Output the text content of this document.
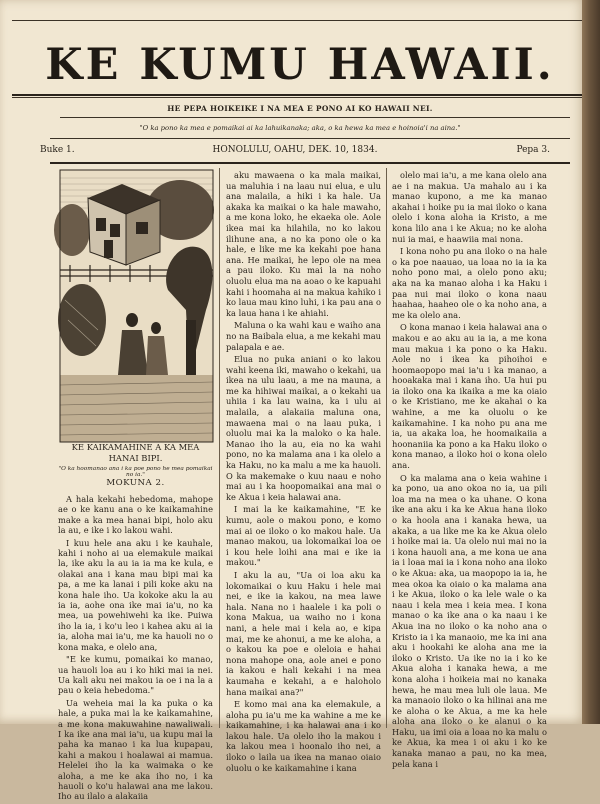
KE KUMU HAWAII.
HE PEPA HOIKEIKE I NA MEA E PONO AI KO HAWAII NEI.
"O ka pono ka mea e pomaikai ai ka lahuikanaka; aka, o ka hewa ka mea e hoinoia'i na aina."
Buke 1.	HONOLULU, OAHU, DEK. 10, 1834.	Pepa 3.
KE KAIKAMAHINE A KA MEA HANAI BIPI.
"O ka hoomanao ana i ka poe pono he mea pomaikai no ia."
MOKUNA 2.

A hala kekahi hebedoma, mahope ae o ke kanu ana o ke kaikamahine make a ka mea hanai bipi, holo aku la au, e ike i ko lakou wahi.

I kuu hele ana aku i ke kauhale, kahi i noho ai ua elemakule maikai la, ike aku la au ia ia ma ke kula, e olakai ana i kana mau bipi mai ka pa, a me ka lanai i pili koke aku na kona hale iho. Ua kokoke aku la au ia ia, aohe ona ike mai ia'u, no ka mea, ua powehiwehi ka ike. Puiwa iho la ia, i ko'u leo i kahea aku ai ia ia, aloha mai ia'u, me ka hauoli no o kona maka, e olelo ana,

"E ke kumu, pomaikai ko manao, ua hauoli loa au i ko hiki mai ia nei. Ua kali aku nei makou ia oe i na la a pau o keia hebedoma."

Ua weheia mai la ka puka o ka hale, a puka mai la ke kaikamahine, a me kona makuwahine nawaliwali. I ka ike ana mai ia'u, ua kupu mai la paha ka manao i ka lua kupapau, kahi a makou i hoalawai ai mamua. Helelei iho la ka waimaka o ke aloha, a me ke aka iho no, i ka hauoli o ko'u halawai ana me lakou. Iho au ilalo a alakaiia

aku mawaena o ka mala maikai, ua maluhia i na laau nui elua, e ulu ana malaila, a hiki i ka hale. Ua akaka ka maikai o ka hale mawaho, a me kona loko, he ekaeka ole. Aole ikea mai ka hilahila, no ko lakou ilihune ana, a no ka pono ole o ka hale, e like me ka kekahi poe hana ana. He maikai, he lepo ole na mea a pau iloko. Ku mai la na noho oluolu elua ma na aoao o ke kapuahi kahi i hoomaha ai na makua kahiko i ko laua mau kino luhi, i ka pau ana o ka laua hana i ke ahiahi.

Maluna o ka wahi kau e waiho ana no na Baibala elua, a me kekahi mau palapala e ae.

Elua no puka aniani o ko lakou wahi keena iki, mawaho o kekahi, ua ikea na ulu laau, a me na mauna, a me ka hihiwai maikai, a o kekahi ua uhiia i ka lau waina, ka i ulu ai malaila, a alakaiia maluna ona, mawaena mai o na laau puka, i oluolu mai ka la maloko o ka hale. Manao iho la au, eia no ka wahi pono, no ka malama ana i ka olelo a ka Haku, no ka malu a me ka hauoli. O ka makemake o kuu naau e noho mai au i ka hoopomaikai ana mai o ke Akua i keia halawai ana.

I mai la ke kaikamahine, "E ke kumu, aole o makou pono, e komo mai ai oe iloko o ko makou hale. Ua manao makou, ua lokomaikai loa oe i kou hele loihi ana mai e ike ia makou."

I aku la au, "Ua oi loa aku ka lokomaikai o kuu Haku i hele mai nei, e ike ia kakou, na mea lawe hala. Nana no i haalele i ka poli o kona Makua, ua waiho no i kona nani, a hele mai i kela ao, e kipa mai, me ke ahonui, a me ke aloha, a o kakou ka poe e oleloia e hahai nona mahope ona, aole anei e pono ia kakou e hali kekahi i na mea kaumaha e kekahi, a e haloholo hana maikai ana?"

E komo mai ana ka elemakule, a aloha pu ia'u me ka wahine a me ke kaikamahine, i ka halawai ana i ko lakou hale. Ua olelo iho la makou i ka lakou mea i hoonalo iho nei, a iloko o laila ua ikea na manao oiaio oluolu o ke kaikamahine i kana

olelo mai ia'u, a me kana olelo ana ae i na makua. Ua mahalo au i ka manao kupono, a me ka manao akahai i hoike pu ia mai iloko o kana olelo i kona aloha ia Kristo, a me kona lilo ana i ke Akua; no ke aloha nui ia mai, e haawiia mai nona.

I kona noho pu ana iloko o na hale o ka poe naauao, ua loaa no ia ia ka noho pono mai, a olelo pono aku; aka na ka manao aloha i ka Haku i paa nui mai iloko o kona naau haahaa, haaheo ole o ka noho ana, a me ka olelo ana.

O kona manao i keia halawai ana o makou e ao aku au ia ia, a me kona mau makua i ka pono o ka Haku. Aole no i ikea ka pihoihoi e hoomaopopo mai ia'u i ka manao, a hooakaka mai i kana iho. Ua hui pu ia iloko ona ka ikaika a me ka oiaio o ke Kristiano, me ke akahai o ka wahine, a me ka oluolu o ke kaikamahine. I ka noho pu ana me ia, ua akaka loa, he hoomaikaiia a hoonaniia ka pono a ka Haku iloko o kona manao, a iloko hoi o kona olelo ana.

O ka malama ana o keia wahine i ka pono, ua ano okoa no ia, ua pili loa ma na mea o ka uhane. O kona ike ana aku i ka ke Akua hana iloko o ka hoola ana i kanaka hewa, ua akaka, a ua like me ka ke Akua olelo i hoike mai ia. Ua olelo nui mai no ia i kona hauoli ana, a me kona ue ana ia i loaa mai ia i kona noho ana iloko o ke Akua: aka, ua maopopo ia ia, he mea okoa ka oiaio o ka malama ana i ke Akua, iloko o ka lele wale o ka naau i kela mea i keia mea. I kona manao o ka ike ana o ka naau i ke Akua ina no iloko o ka noho ana o Kristo ia i ka manaoio, me ka ini ana aku i hookahi ke aloha ana me ia iloko o Kristo. Ua ike no ia i ko ke Akua aloha i kanaka hewa, a me kona aloha i hoikeia mai no kanaka hewa, he mau mea luli ole laua. Me ka manaoio iloko o ka hilinai ana me ke aloha o ke Akua, a me ka hele aloha ana iloko o ke alanui o ka Haku, ua imi oia a loaa no ka malu o ke Akua, ka mea i oi aku i ko ke kanaka manao a pau, no ka mea, pela kana i
